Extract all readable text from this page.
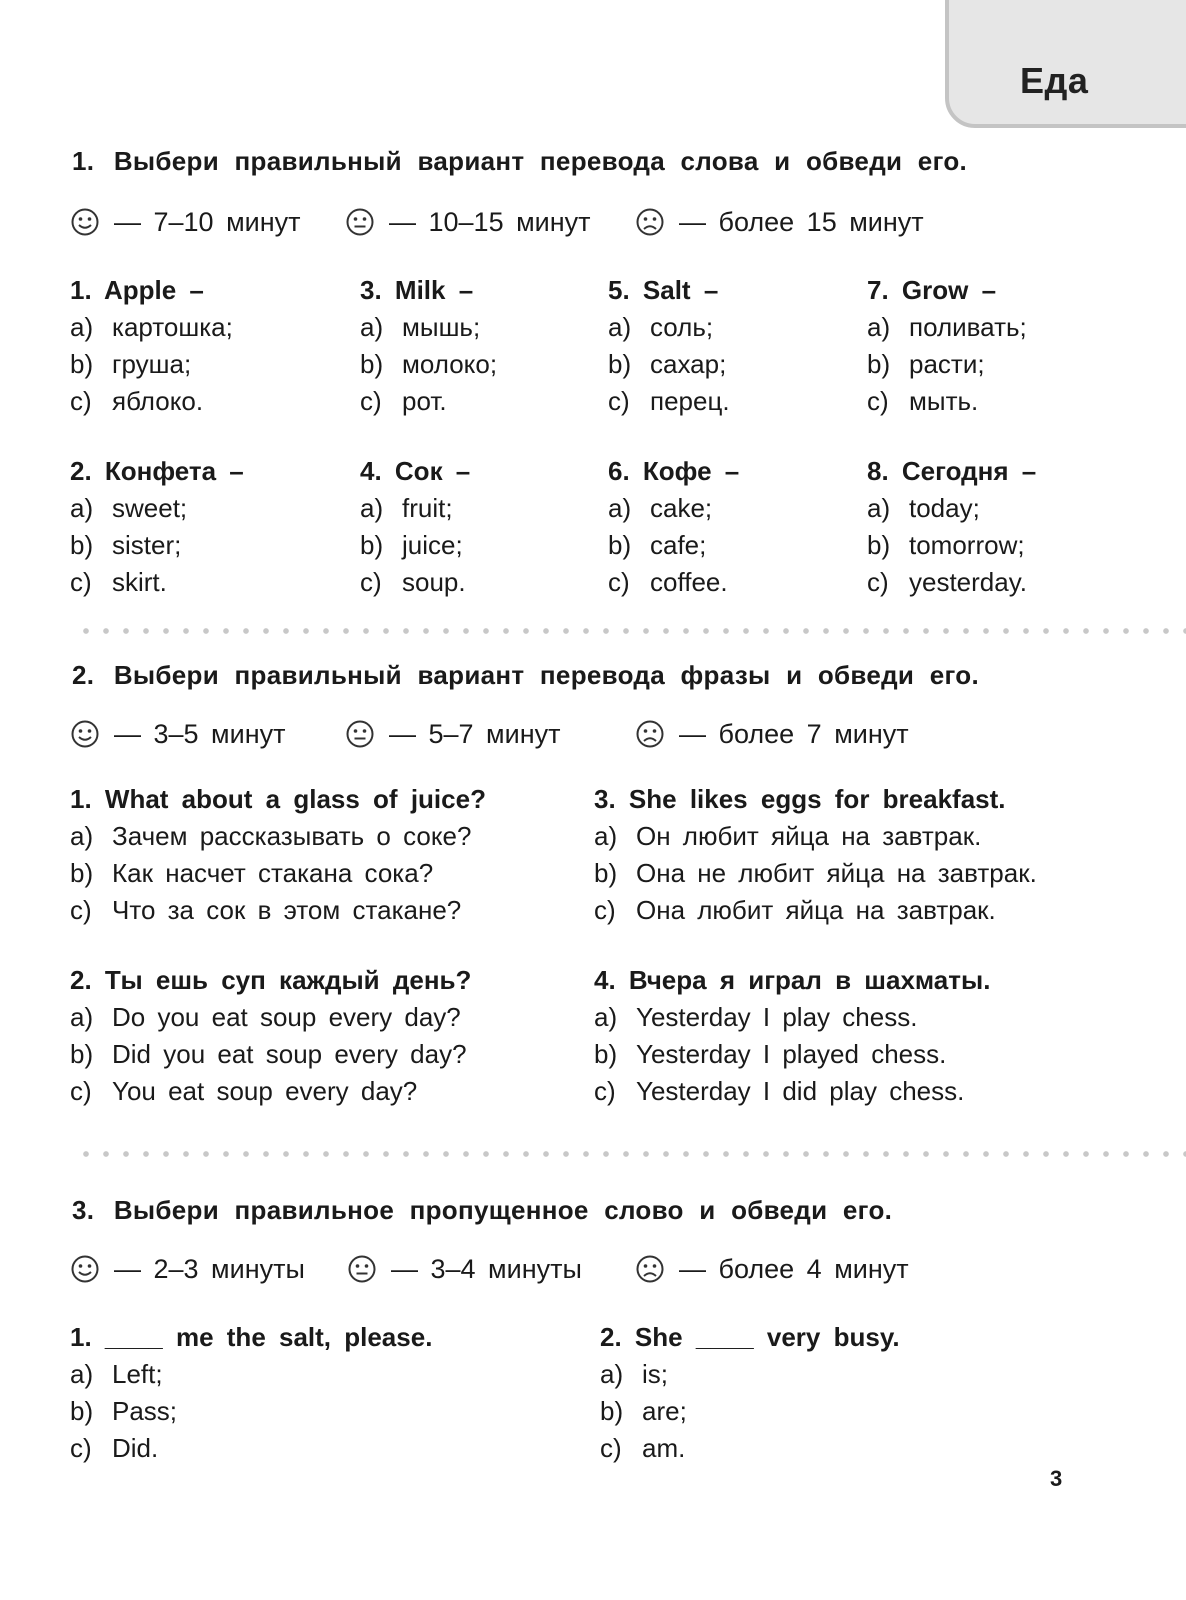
Еда
1. Выбери правильный вариант перевода слова и обведи его.
— 7–10 минут	— 10–15 минут	— более 15 минут
1. Apple –
a) картошка;
b) груша;
c) яблоко.
3. Milk –
a) мышь;
b) молоко;
c) рот.
5. Salt –
a) соль;
b) сахар;
c) перец.
7. Grow –
a) поливать;
b) расти;
c) мыть.
2. Конфета –
a) sweet;
b) sister;
c) skirt.
4. Сок –
a) fruit;
b) juice;
c) soup.
6. Кофе –
a) cake;
b) cafe;
c) coffee.
8. Сегодня –
a) today;
b) tomorrow;
c) yesterday.
2. Выбери правильный вариант перевода фразы и обведи его.
— 3–5 минут	— 5–7 минут	— более 7 минут
1. What about a glass of juice?
a) Зачем рассказывать о соке?
b) Как насчет стакана сока?
c) Что за сок в этом стакане?
3. She likes eggs for breakfast.
a) Он любит яйца на завтрак.
b) Она не любит яйца на завтрак.
c) Она любит яйца на завтрак.
2. Ты ешь суп каждый день?
a) Do you eat soup every day?
b) Did you eat soup every day?
c) You eat soup every day?
4. Вчера я играл в шахматы.
a) Yesterday I play chess.
b) Yesterday I played chess.
c) Yesterday I did play chess.
3. Выбери правильное пропущенное слово и обведи его.
— 2–3 минуты	— 3–4 минуты	— более 4 минут
1. ____ me the salt, please.
a) Left;
b) Pass;
c) Did.
2. She ____ very busy.
a) is;
b) are;
c) am.
3
